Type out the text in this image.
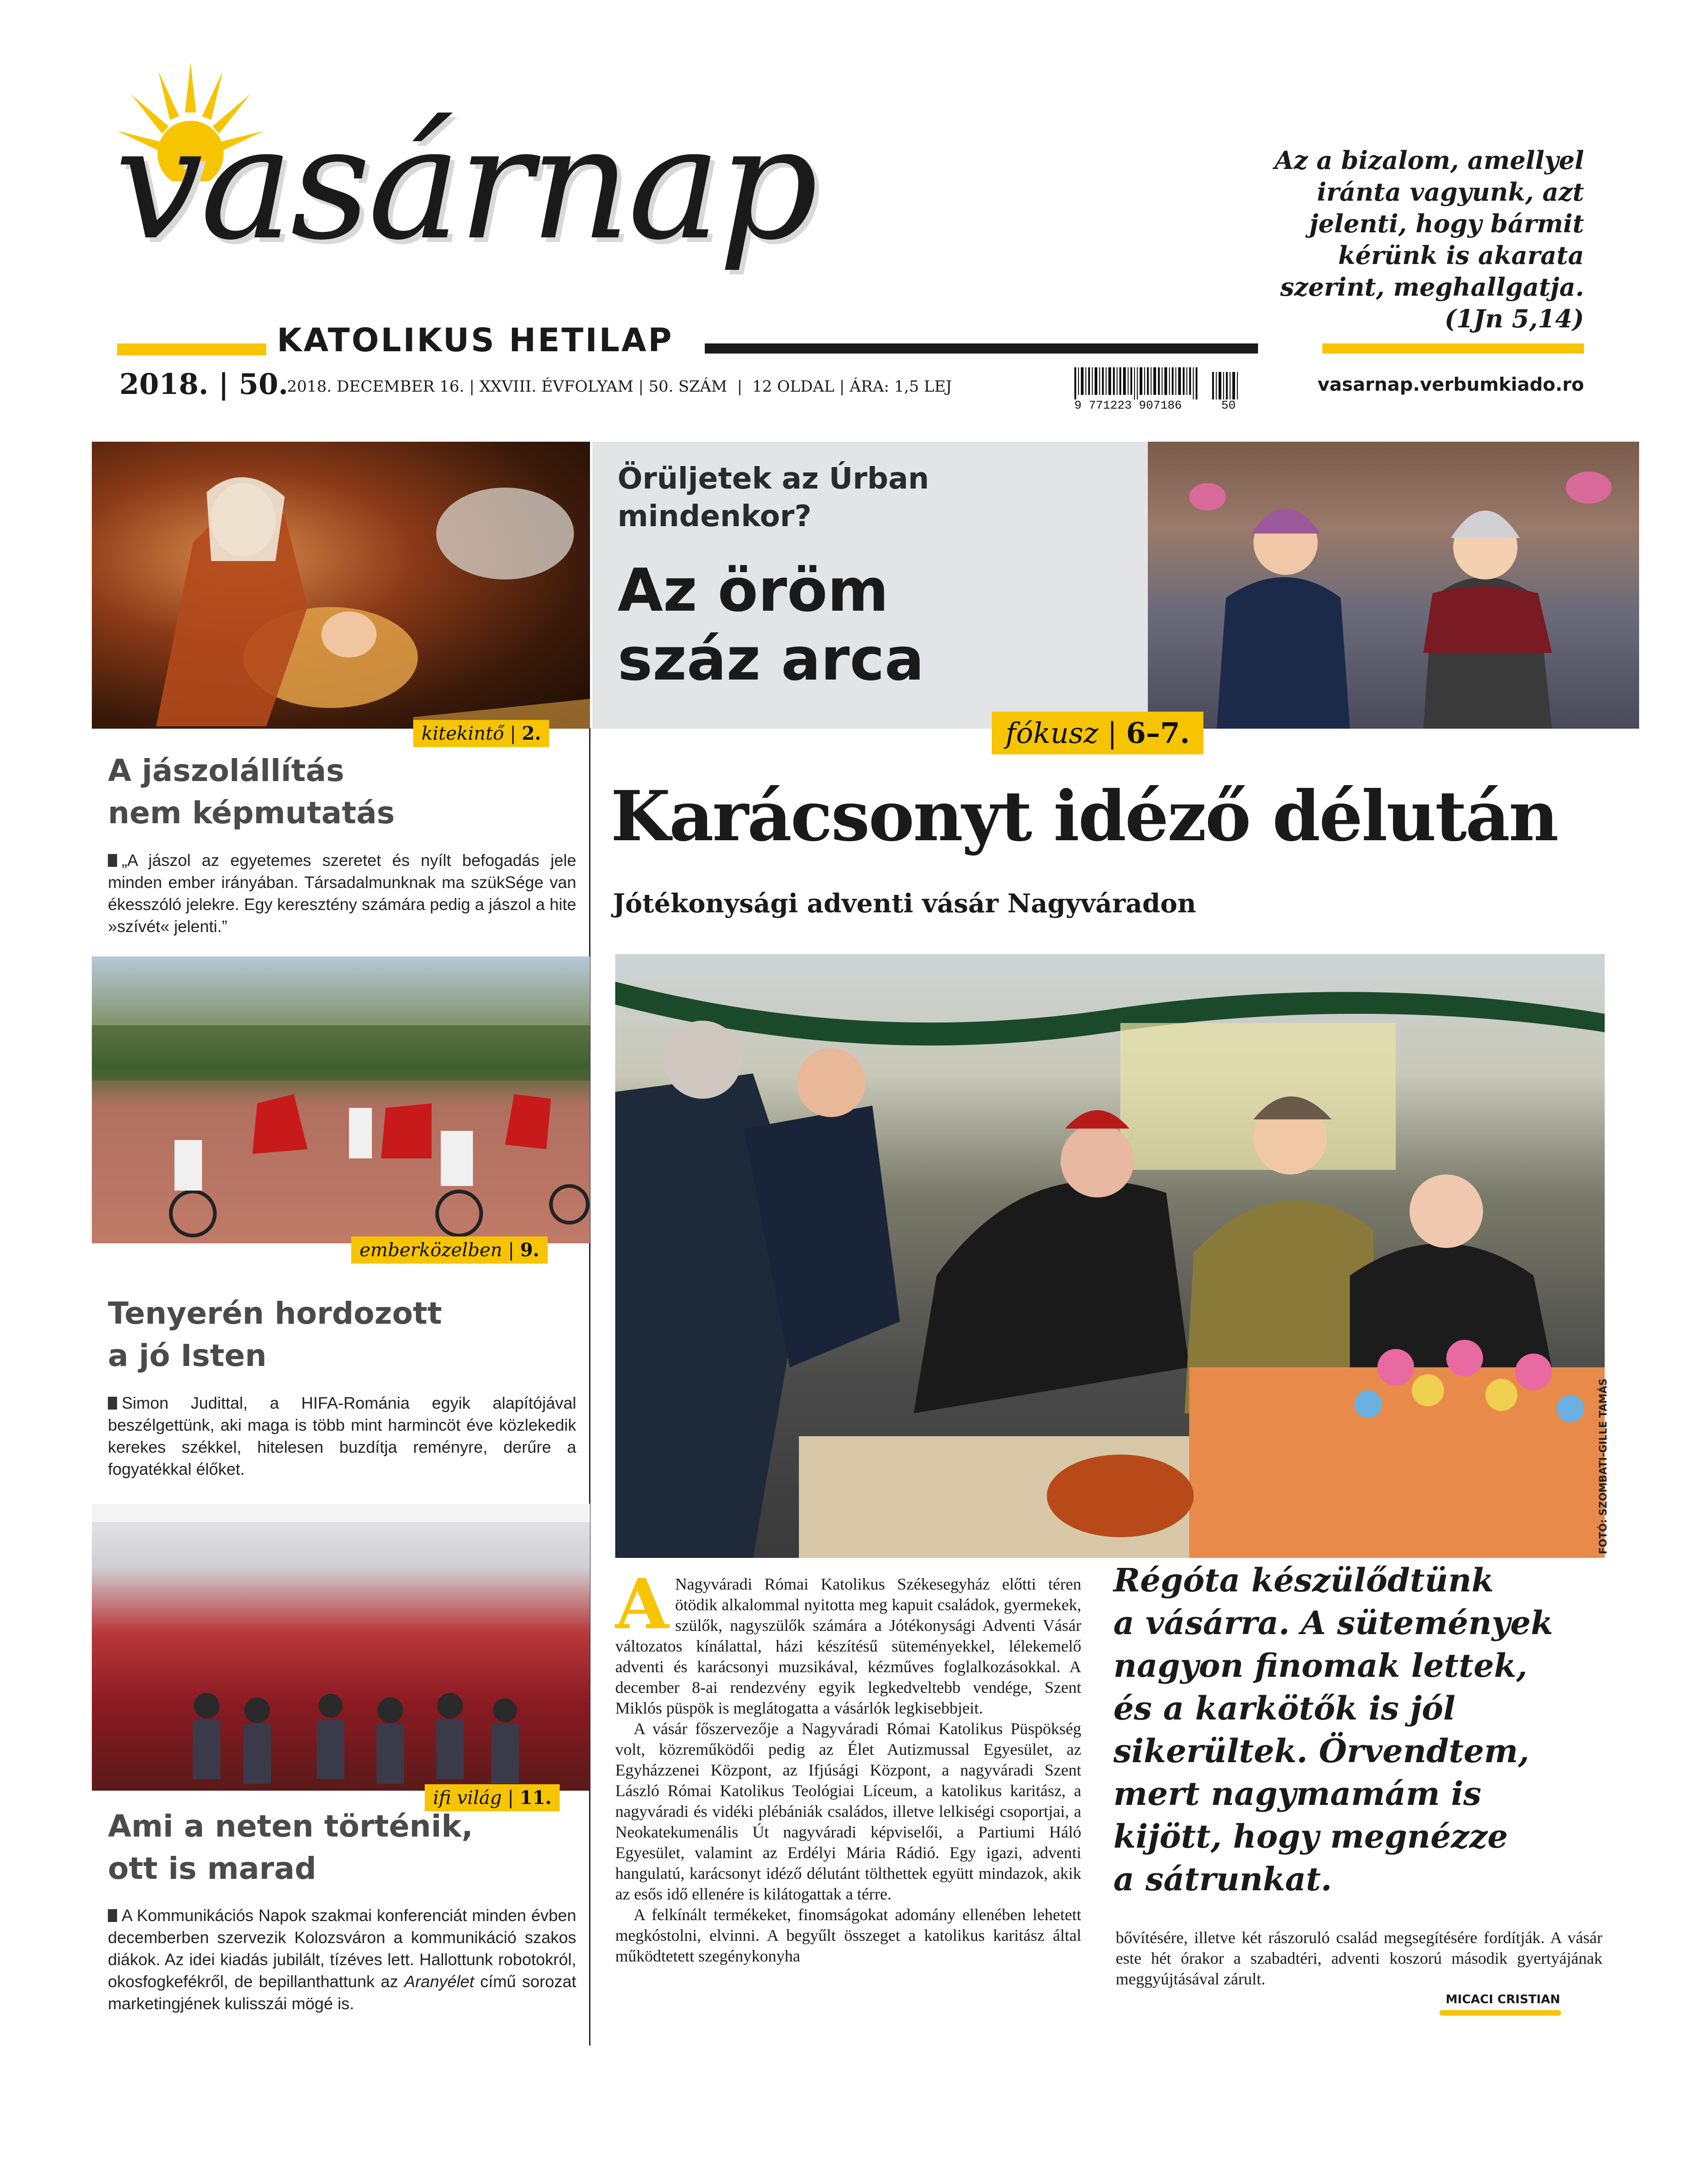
vasárnap
KATOLIKUS HETILAP
2018. | 50.
2018. DECEMBER 16. | XXVIII. ÉVFOLYAM | 50. SZÁM  |  12 OLDAL | ÁRA: 1,5 LEJ
9 771223 907186	50
Az a bizalom, amellyel
iránta vagyunk, azt
jelenti, hogy bármit
kérünk is akarata
szerint, meghallgatja.
(1Jn 5,14)
vasarnap.verbumkiado.ro
kitekintő | 2.
A jászolállítás
nem képmutatás
„A jászol az egyetemes szeretet és nyílt befogadás jele minden ember irányában. Társadalmunknak ma szükSége van ékesszóló jelekre. Egy keresztény számára pedig a jászol a hite »szívét« jelenti.”
emberközelben | 9.
Tenyerén hordozott
a jó Isten
Simon Judittal, a HIFA-Románia egyik alapítójával beszélgettünk, aki maga is több mint harmincöt éve közlekedik kerekes székkel, hitelesen buzdítja reményre, derűre a fogyatékkal élőket.
ifi világ | 11.
Ami a neten történik,
ott is marad
A Kommunikációs Napok szakmai konferenciát minden évben decemberben szervezik Kolozsváron a kommunikáció szakos diákok. Az idei kiadás jubilált, tízéves lett. Hallottunk robotokról, okosfogkefékről, de bepillanthattunk az Aranyélet című sorozat marketingjének kulisszái mögé is.
Örüljetek az Úrban
mindenkor?
Az öröm
száz arca
fókusz | 6–7.
Karácsonyt idéző délután
Jótékonysági adventi vásár Nagyváradon
FOTÓ: SZOMBATI-GILLE TAMÁS

A Nagyváradi Római Katolikus Székesegyház előtti téren ötödik alkalommal nyitotta meg kapuit családok, gyermekek, szülők, nagyszülők számára a Jótékonysági Adventi Vásár változatos kínálattal, házi készítésű süteményekkel, lélekemelő adventi és karácsonyi muzsikával, kézműves foglalkozásokkal. A december 8-ai rendezvény egyik legkedveltebb vendége, Szent Miklós püspök is meglátogatta a vásárlók legkisebbjeit.

A vásár főszervezője a Nagyváradi Római Katolikus Püspökség volt, közreműködői pedig az Élet Autizmussal Egyesület, az Egyházzenei Központ, az Ifjúsági Központ, a nagyváradi Szent László Római Katolikus Teológiai Líceum, a katolikus karitász, a nagyváradi és vidéki plébániák családos, illetve lelkiségi csoportjai, a Neokatekumenális Út nagyváradi képviselői, a Partiumi Háló Egyesület, valamint az Erdélyi Mária Rádió. Egy igazi, adventi hangulatú, karácsonyt idéző délutánt tölthettek együtt mindazok, akik az esős idő ellenére is kilátogattak a térre.

A felkínált termékeket, finomságokat adomány ellenében lehetett megkóstolni, elvinni. A begyűlt összeget a katolikus karitász által működtetett szegénykonyha

Régóta készülődtünk
a vásárra. A sütemények
nagyon finomak lettek,
és a karkötők is jól
sikerültek. Örvendtem,
mert nagymamám is
kijött, hogy megnézze
a sátrunkat.

bővítésére, illetve két rászoruló család megsegítésére fordítják. A vásár este hét órakor a szabadtéri, adventi koszorú második gyertyájának meggyújtásával zárult.

MICACI CRISTIAN
